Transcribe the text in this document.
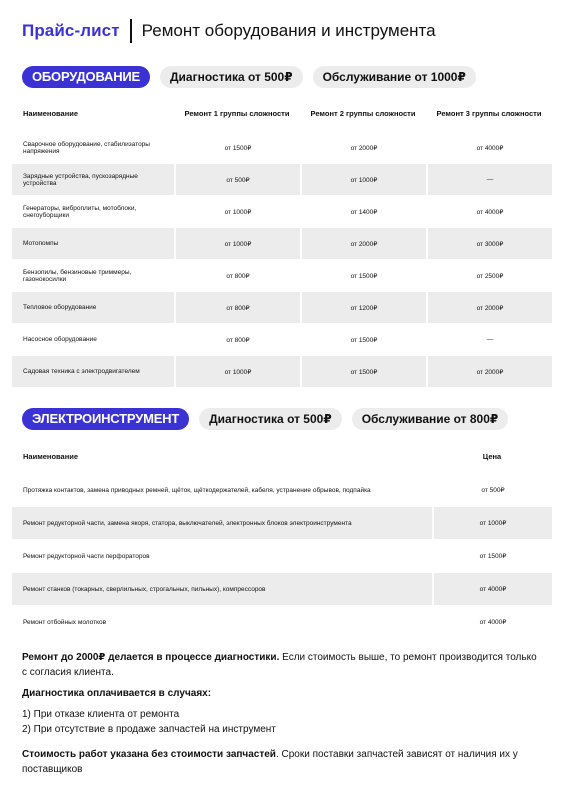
Прайс-лист Ремонт оборудования и инструмента
ОБОРУДОВАНИЕ	Диагностика от 500₽	Обслуживание от 1000₽
Наименование	Ремонт 1 группы сложности	Ремонт 2 группы сложности	Ремонт 3 группы сложности
Сварочное оборудование, стабилизаторы напряжения	от 1500₽	от 2000₽	от 4000₽
Зарядные устройства, пускозарядные устройства	от 500₽	от 1000₽	—
Генераторы, виброплиты, мотоблоки, снегоуборщики	от 1000₽	от 1400₽	от 4000₽
Мотопомпы	от 1000₽	от 2000₽	от 3000₽
Бензопилы, бензиновые триммеры, газонокосилки	от 800₽	от 1500₽	от 2500₽
Тепловое оборудование	от 800₽	от 1200₽	от 2000₽
Насосное оборудование	от 800₽	от 1500₽	—
Садовая техника с электродвигателем	от 1000₽	от 1500₽	от 2000₽
ЭЛЕКТРОИНСТРУМЕНТ	Диагностика от 500₽	Обслуживание от 800₽
Наименование	Цена
Протяжка контактов, замена приводных ремней, щёток, щёткодержателей, кабеля, устранение обрывов, подпайка	от 500₽
Ремонт редукторной части, замена якоря, статора, выключателей, электронных блоков электроинструмента	от 1000₽
Ремонт редукторной части перфораторов	от 1500₽
Ремонт станков (токарных, сверлильных, строгальных, пильных), компрессоров	от 4000₽
Ремонт отбойных молотков	от 4000₽

Ремонт до 2000₽ делается в процессе диагностики. Если стоимость выше, то ремонт производится только с согласия клиента.

Диагностика оплачивается в случаях:

1) При отказе клиента от ремонта

2) При отсутствие в продаже запчастей на инструмент

Стоимость работ указана без стоимости запчастей. Сроки поставки запчастей зависят от наличия их у поставщиков
